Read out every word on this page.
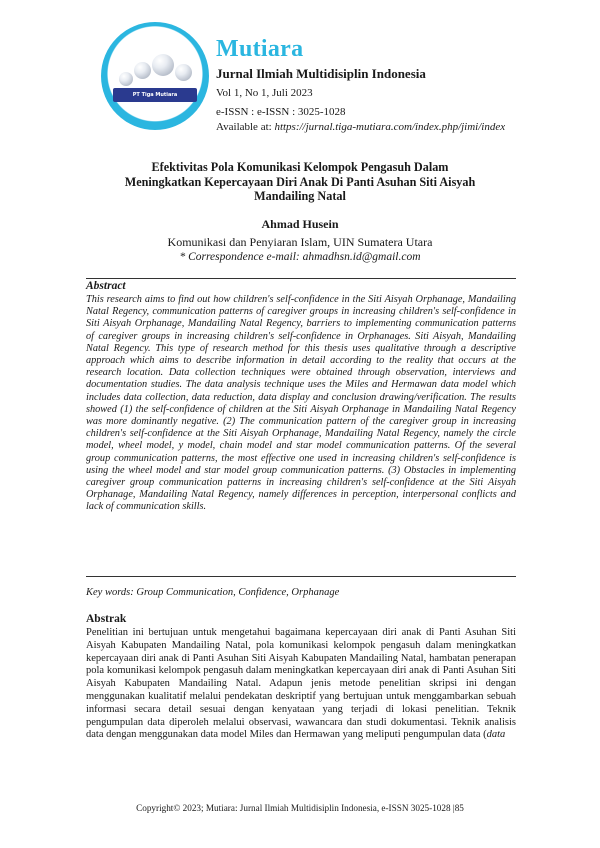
PT Tiga Mutiara
Mutiara
Jurnal Ilmiah Multidisiplin Indonesia
Vol 1, No 1, Juli 2023
e-ISSN : e-ISSN : 3025-1028
Available at: https://jurnal.tiga-mutiara.com/index.php/jimi/index
Efektivitas Pola Komunikasi Kelompok Pengasuh Dalam
Meningkatkan Kepercayaan Diri Anak Di Panti Asuhan Siti Aisyah
Mandailing Natal
Ahmad Husein
Komunikasi dan Penyiaran Islam, UIN Sumatera Utara
* Correspondence e-mail: ahmadhsn.id@gmail.com
Abstract
This research aims to find out how children's self-confidence in the Siti Aisyah Orphanage, Mandailing Natal Regency, communication patterns of caregiver groups in increasing children's self-confidence in Siti Aisyah Orphanage, Mandailing Natal Regency, barriers to implementing communication patterns of caregiver groups in increasing children's self-confidence in Orphanages. Siti Aisyah, Mandailing Natal Regency. This type of research method for this thesis uses qualitative through a descriptive approach which aims to describe information in detail according to the reality that occurs at the research location. Data collection techniques were obtained through observation, interviews and documentation studies. The data analysis technique uses the Miles and Hermawan data model which includes data collection, data reduction, data display and conclusion drawing/verification. The results showed (1) the self-confidence of children at the Siti Aisyah Orphanage in Mandailing Natal Regency was more dominantly negative. (2) The communication pattern of the caregiver group in increasing children's self-confidence at the Siti Aisyah Orphanage, Mandailing Natal Regency, namely the circle model, wheel model, y model, chain model and star model communication patterns. Of the several group communication patterns, the most effective one used in increasing children's self-confidence is using the wheel model and star model group communication patterns. (3) Obstacles in implementing caregiver group communication patterns in increasing children's self-confidence at the Siti Aisyah Orphanage, Mandailing Natal Regency, namely differences in perception, interpersonal conflicts and lack of communication skills.
Key words: Group Communication, Confidence, Orphanage
Abstrak
Penelitian ini bertujuan untuk mengetahui bagaimana kepercayaan diri anak di Panti Asuhan Siti Aisyah Kabupaten Mandailing Natal, pola komunikasi kelompok pengasuh dalam meningkatkan kepercayaan diri anak di Panti Asuhan Siti Aisyah Kabupaten Mandailing Natal, hambatan penerapan pola komunikasi kelompok pengasuh dalam meningkatkan kepercayaan diri anak di Panti Asuhan Siti Aisyah Kabupaten Mandailing Natal. Adapun jenis metode penelitian skripsi ini dengan menggunakan kualitatif melalui pendekatan deskriptif yang bertujuan untuk menggambarkan sebuah informasi secara detail sesuai dengan kenyataan yang terjadi di lokasi penelitian. Teknik pengumpulan data diperoleh melalui observasi, wawancara dan studi dokumentasi. Teknik analisis data dengan menggunakan data model Miles dan Hermawan yang meliputi pengumpulan data (data
Copyright© 2023; Mutiara: Jurnal Ilmiah Multidisiplin Indonesia, e-ISSN 3025-1028 |85
